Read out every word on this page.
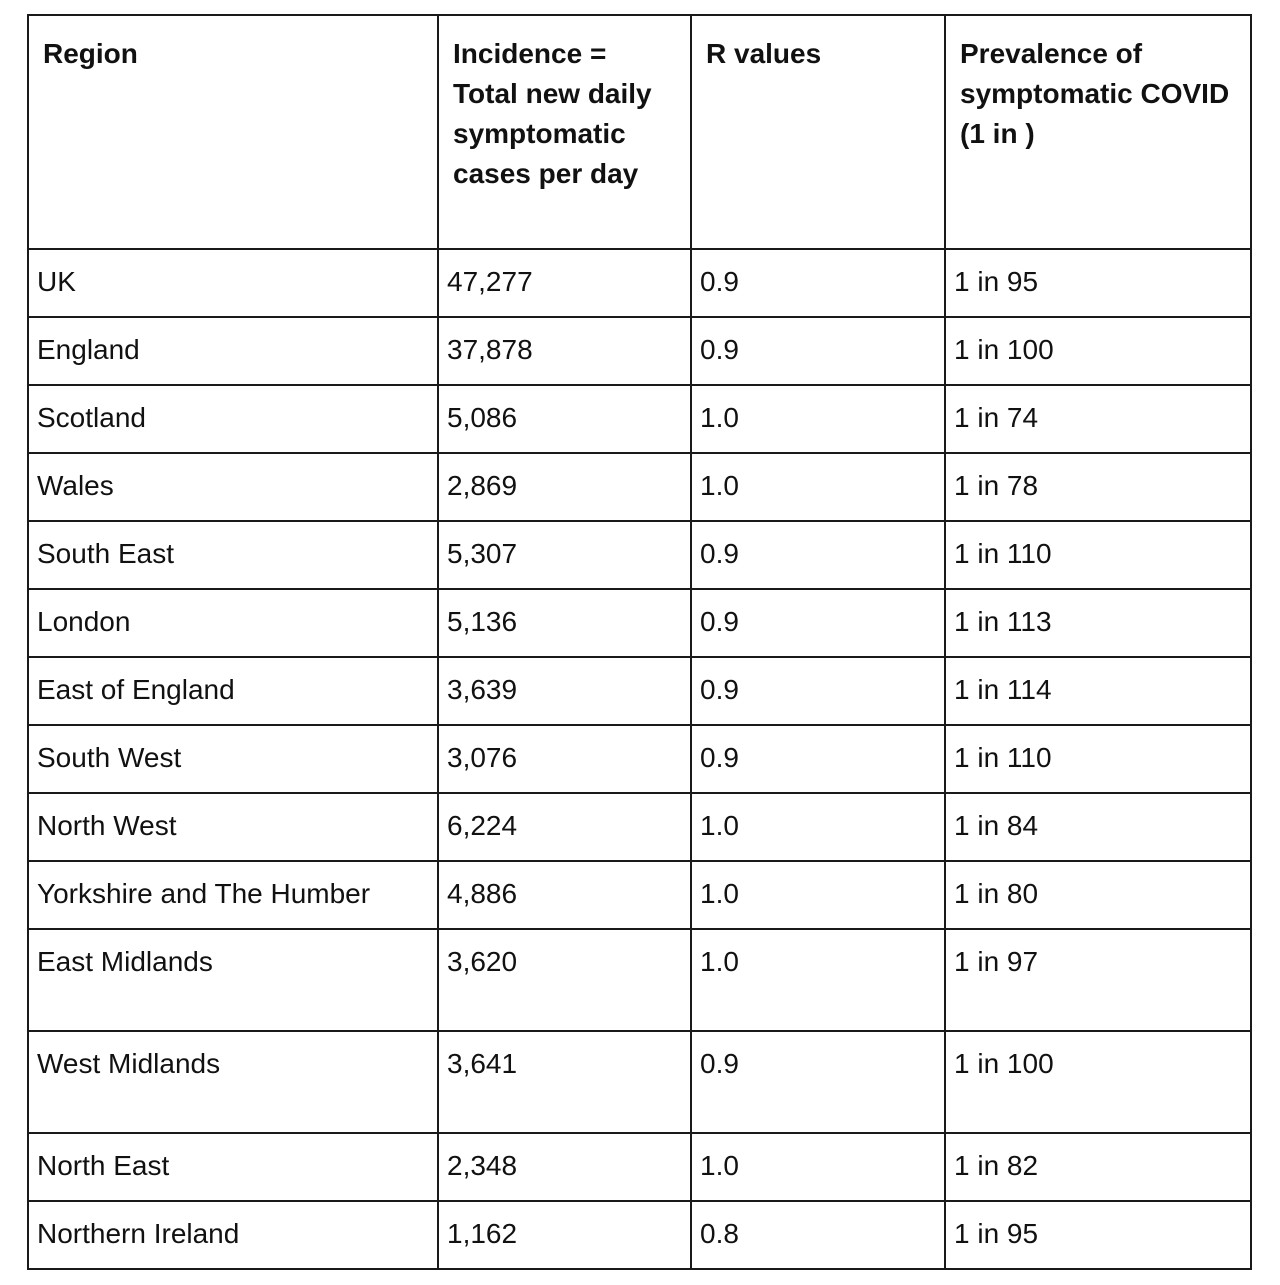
Region	Incidence = Total new daily symptomatic cases per day	R values	Prevalence of symptomatic COVID (1 in )
UK	47,277	0.9	1 in 95
England	37,878	0.9	1 in 100
Scotland	5,086	1.0	1 in 74
Wales	2,869	1.0	1 in 78
South East	5,307	0.9	1 in 110
London	5,136	0.9	1 in 113
East of England	3,639	0.9	1 in 114
South West	3,076	0.9	1 in 110
North West	6,224	1.0	1 in 84
Yorkshire and The Humber	4,886	1.0	1 in 80
East Midlands	3,620	1.0	1 in 97
West Midlands	3,641	0.9	1 in 100
North East	2,348	1.0	1 in 82
Northern Ireland	1,162	0.8	1 in 95
